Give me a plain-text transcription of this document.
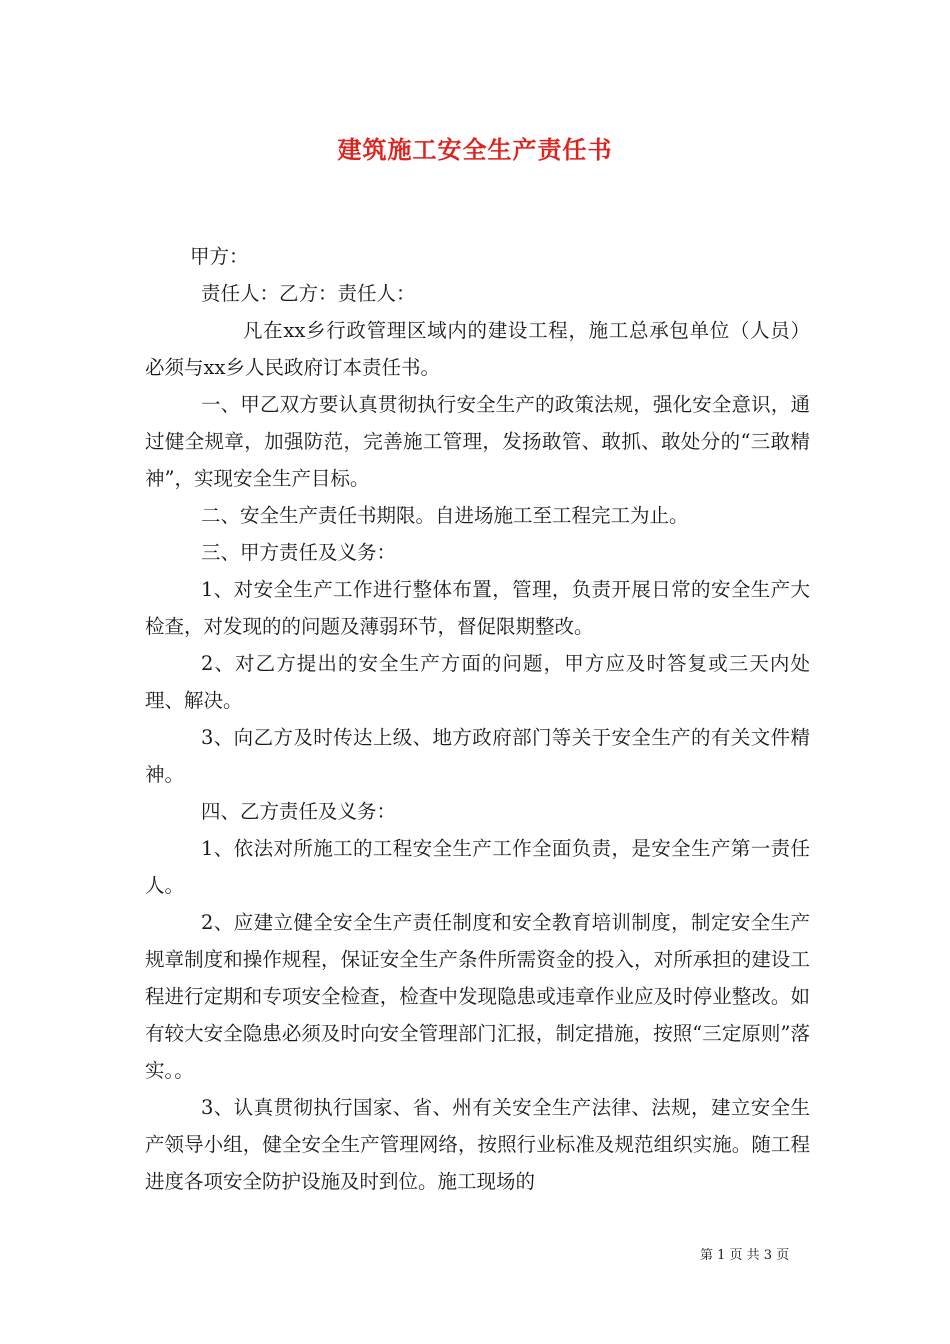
建筑施工安全生产责任书

甲方：

责任人：乙方：责任人：

凡在xx乡行政管理区域内的建设工程，施工总承包单位（人员）必须与xx乡人民政府订本责任书。

一、甲乙双方要认真贯彻执行安全生产的政策法规，强化安全意识，通过健全规章，加强防范，完善施工管理，发扬敢管、敢抓、敢处分的“三敢精神”，实现安全生产目标。

二、安全生产责任书期限。自进场施工至工程完工为止。

三、甲方责任及义务：

1、对安全生产工作进行整体布置，管理，负责开展日常的安全生产大检查，对发现的的问题及薄弱环节，督促限期整改。

2、对乙方提出的安全生产方面的问题，甲方应及时答复或三天内处理、解决。

3、向乙方及时传达上级、地方政府部门等关于安全生产的有关文件精神。

四、乙方责任及义务：

1、依法对所施工的工程安全生产工作全面负责，是安全生产第一责任人。

2、应建立健全安全生产责任制度和安全教育培训制度，制定安全生产规章制度和操作规程，保证安全生产条件所需资金的投入，对所承担的建设工程进行定期和专项安全检查，检查中发现隐患或违章作业应及时停业整改。如有较大安全隐患必须及时向安全管理部门汇报，制定措施，按照“三定原则”落实。。

3、认真贯彻执行国家、省、州有关安全生产法律、法规，建立安全生产领导小组，健全安全生产管理网络，按照行业标准及规范组织实施。随工程进度各项安全防护设施及时到位。施工现场的

第 1 页 共 3 页
